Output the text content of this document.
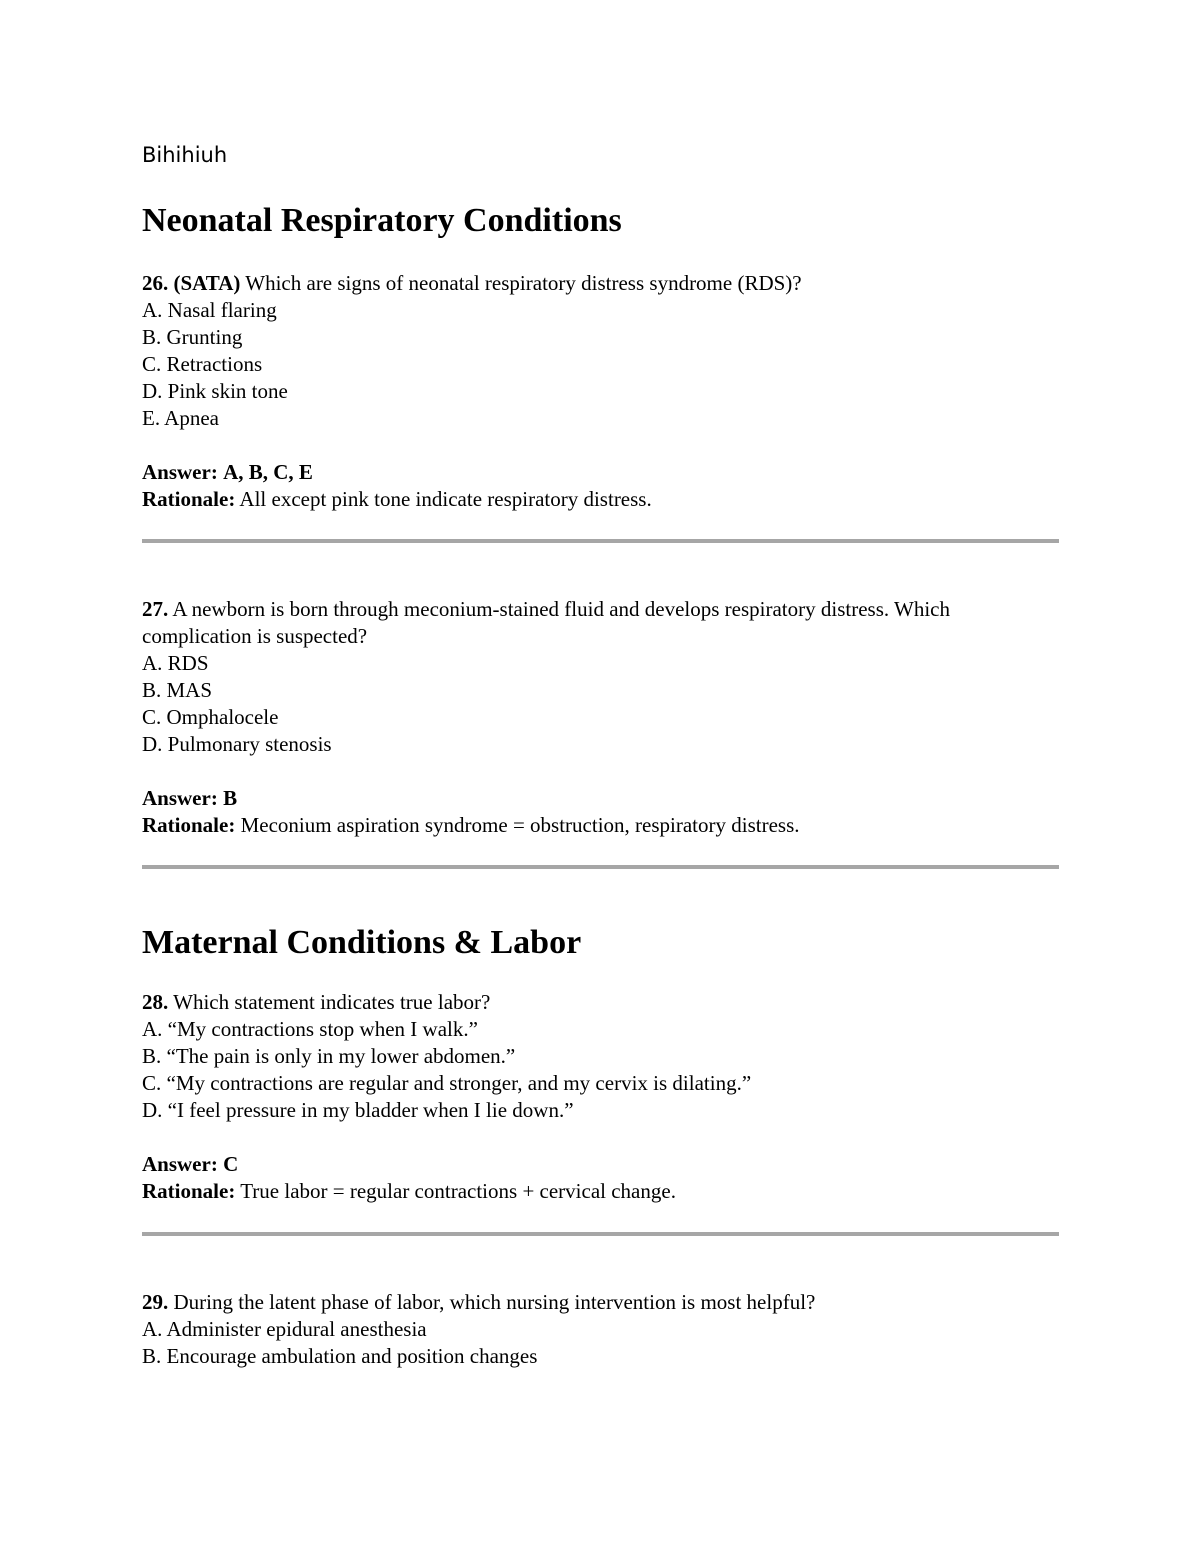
Bihihiuh
Neonatal Respiratory Conditions
26. (SATA) Which are signs of neonatal respiratory distress syndrome (RDS)?
A. Nasal flaring
B. Grunting
C. Retractions
D. Pink skin tone
E. Apnea
Answer: A, B, C, E
Rationale: All except pink tone indicate respiratory distress.
27. A newborn is born through meconium-stained fluid and develops respiratory distress. Which complication is suspected?
A. RDS
B. MAS
C. Omphalocele
D. Pulmonary stenosis
Answer: B
Rationale: Meconium aspiration syndrome = obstruction, respiratory distress.
Maternal Conditions & Labor
28. Which statement indicates true labor?
A. “My contractions stop when I walk.”
B. “The pain is only in my lower abdomen.”
C. “My contractions are regular and stronger, and my cervix is dilating.”
D. “I feel pressure in my bladder when I lie down.”
Answer: C
Rationale: True labor = regular contractions + cervical change.
29. During the latent phase of labor, which nursing intervention is most helpful?
A. Administer epidural anesthesia
B. Encourage ambulation and position changes
